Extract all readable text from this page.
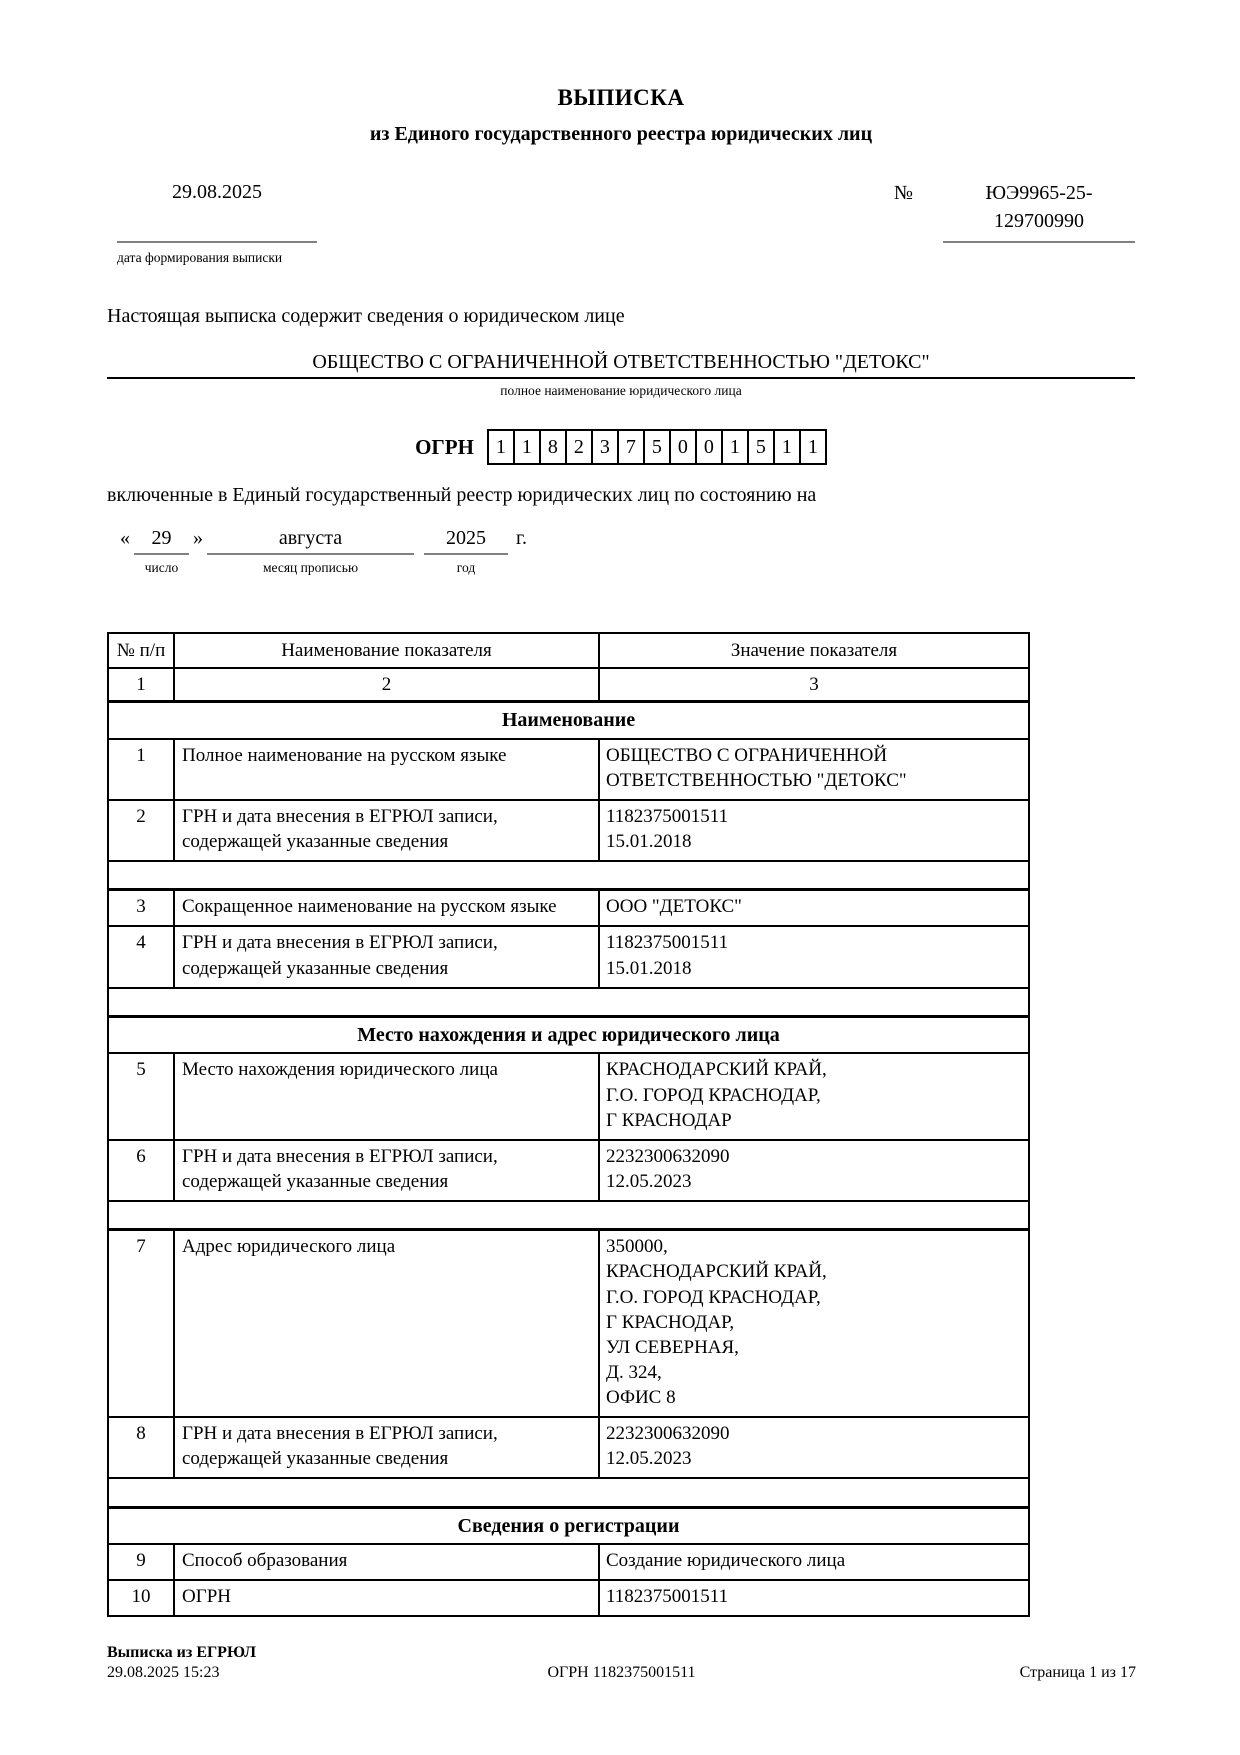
ВЫПИСКА
из Единого государственного реестра юридических лиц
29.08.2025
дата формирования выписки
№	ЮЭ9965-25-
129700990
Настоящая выписка содержит сведения о юридическом лице
ОБЩЕСТВО С ОГРАНИЧЕННОЙ ОТВЕТСТВЕННОСТЬЮ "ДЕТОКС"
полное наименование юридического лица
ОГРН	1 1 8 2 3 7 5 0 0 1 5 1 1
включенные в Единый государственный реестр юридических лиц по состоянию на
«	29
число
»	августа
месяц прописью
2025
год
г.
№ п/п	Наименование показателя	Значение показателя
1	2	3
Наименование		
1	Полное наименование на русском языке	ОБЩЕСТВО С ОГРАНИЧЕННОЙ
ОТВЕТСТВЕННОСТЬЮ "ДЕТОКС"

2	ГРН и дата внесения в ЕГРЮЛ записи, содержащей указанные сведения	1182375001511
15.01.2018

3	Сокращенное наименование на русском языке	ООО "ДЕТОКС"

4	ГРН и дата внесения в ЕГРЮЛ записи, содержащей указанные сведения	1182375001511
15.01.2018

Место нахождения и адрес юридического лица		
5	Место нахождения юридического лица	КРАСНОДАРСКИЙ КРАЙ,
Г.О. ГОРОД КРАСНОДАР,
Г КРАСНОДАР

6	ГРН и дата внесения в ЕГРЮЛ записи, содержащей указанные сведения	2232300632090
12.05.2023

7	Адрес юридического лица	350000,
КРАСНОДАРСКИЙ КРАЙ,
Г.О. ГОРОД КРАСНОДАР,
Г КРАСНОДАР,
УЛ СЕВЕРНАЯ,
Д. 324,
ОФИС 8

8	ГРН и дата внесения в ЕГРЮЛ записи, содержащей указанные сведения	2232300632090
12.05.2023

Сведения о регистрации		
9	Способ образования	Создание юридического лица

10	ОГРН	1182375001511
Выписка из ЕГРЮЛ
29.08.2025 15:23	ОГРН 1182375001511	Страница 1 из 17
